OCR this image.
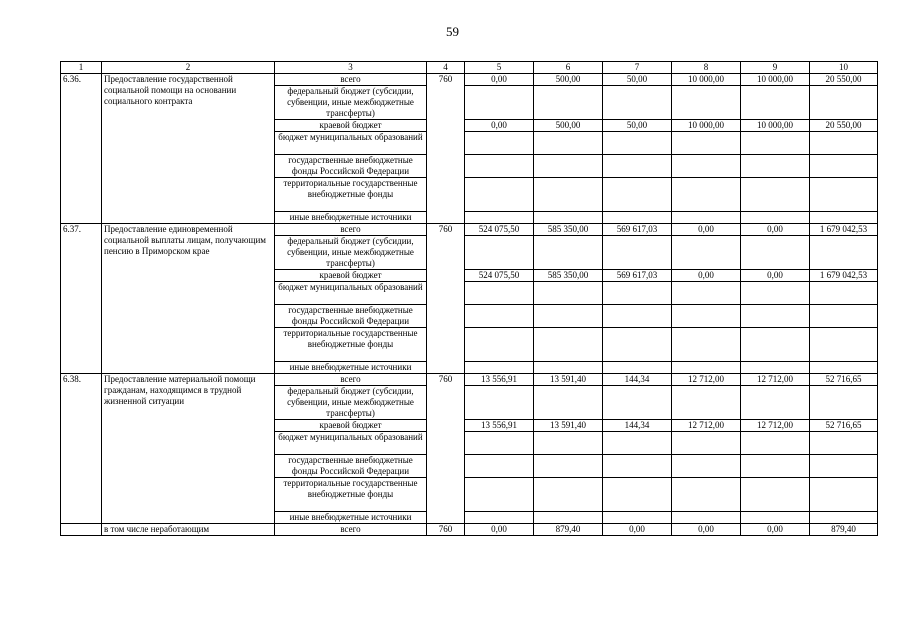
59
1	2	3	4	5	6	7	8	9	10
6.36.	Предоставление государственной социальной помощи на основании социального контракта	всего	760	0,00	500,00	50,00	10 000,00	10 000,00	20 550,00
		федеральный бюджет (субсидии, субвенции, иные межбюджетные трансферты)							
		краевой бюджет		0,00	500,00	50,00	10 000,00	10 000,00	20 550,00
		бюджет муниципальных образований							
		государственные внебюджетные фонды Российской Федерации							
		территориальные государственные внебюджетные фонды							
		иные внебюджетные источники							
6.37.	Предоставление единовременной социальной выплаты лицам, получающим пенсию в Приморском крае	всего	760	524 075,50	585 350,00	569 617,03	0,00	0,00	1 679 042,53
		федеральный бюджет (субсидии, субвенции, иные межбюджетные трансферты)							
		краевой бюджет		524 075,50	585 350,00	569 617,03	0,00	0,00	1 679 042,53
		бюджет муниципальных образований							
		государственные внебюджетные фонды Российской Федерации							
		территориальные государственные внебюджетные фонды							
		иные внебюджетные источники							
6.38.	Предоставление материальной помощи гражданам, находящимся в трудной жизненной ситуации	всего	760	13 556,91	13 591,40	144,34	12 712,00	12 712,00	52 716,65
		федеральный бюджет (субсидии, субвенции, иные межбюджетные трансферты)							
		краевой бюджет		13 556,91	13 591,40	144,34	12 712,00	12 712,00	52 716,65
		бюджет муниципальных образований							
		государственные внебюджетные фонды Российской Федерации							
		территориальные государственные внебюджетные фонды							
		иные внебюджетные источники							
	в том числе неработающим	всего	760	0,00	879,40	0,00	0,00	0,00	879,40
